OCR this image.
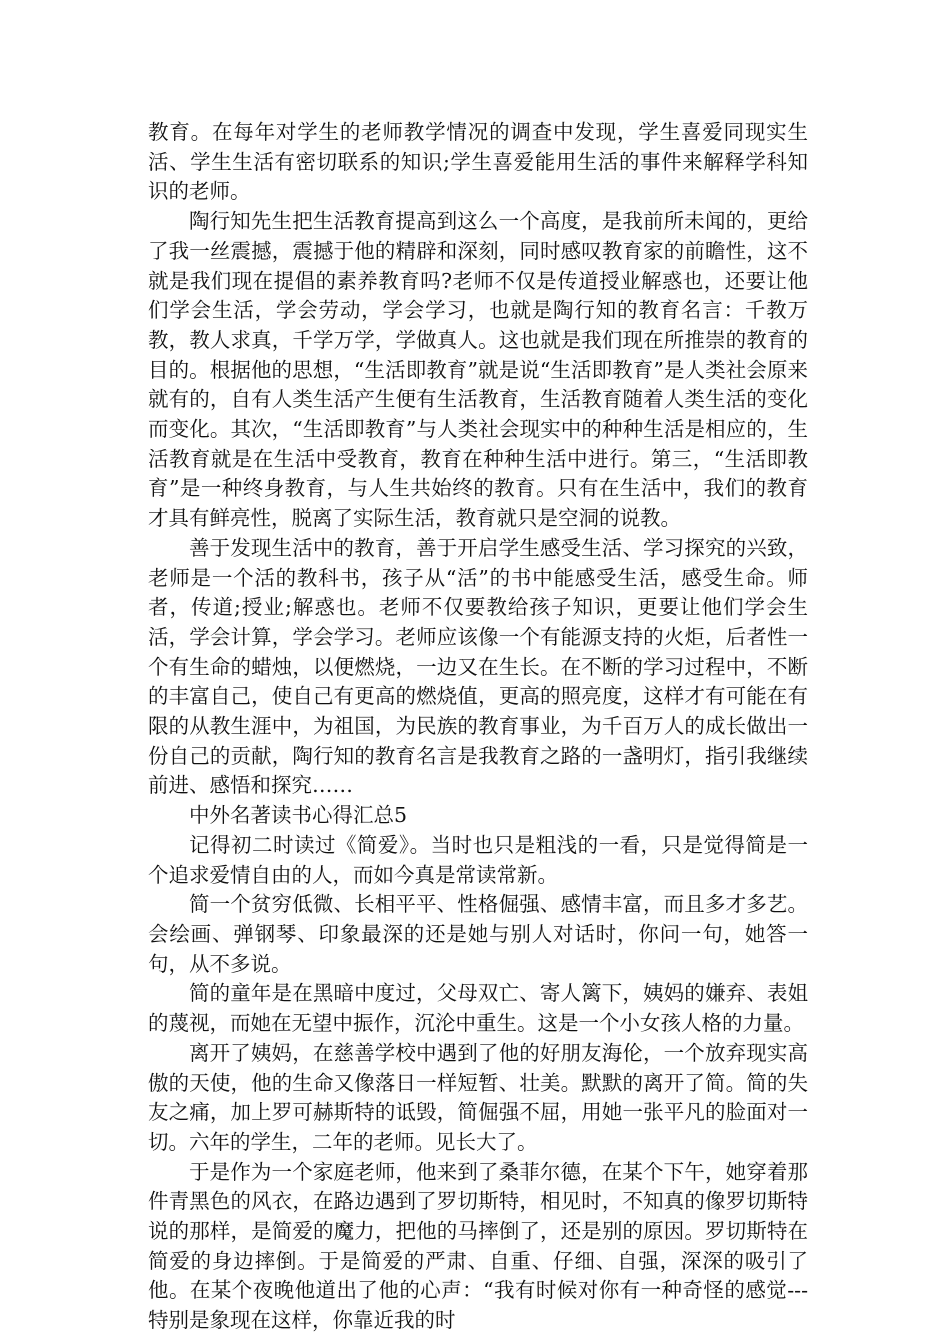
教育。在每年对学生的老师教学情况的调查中发现，学生喜爱同现实生活、学生生活有密切联系的知识;学生喜爱能用生活的事件来解释学科知识的老师。

陶行知先生把生活教育提高到这么一个高度，是我前所未闻的，更给了我一丝震撼，震撼于他的精辟和深刻，同时感叹教育家的前瞻性，这不就是我们现在提倡的素养教育吗?老师不仅是传道授业解惑也，还要让他们学会生活，学会劳动，学会学习，也就是陶行知的教育名言：千教万教，教人求真，千学万学，学做真人。这也就是我们现在所推崇的教育的目的。根据他的思想，“生活即教育”就是说“生活即教育”是人类社会原来就有的，自有人类生活产生便有生活教育，生活教育随着人类生活的变化而变化。其次，“生活即教育”与人类社会现实中的种种生活是相应的，生活教育就是在生活中受教育，教育在种种生活中进行。第三，“生活即教育”是一种终身教育，与人生共始终的教育。只有在生活中，我们的教育才具有鲜亮性，脱离了实际生活，教育就只是空洞的说教。

善于发现生活中的教育，善于开启学生感受生活、学习探究的兴致，老师是一个活的教科书，孩子从“活”的书中能感受生活，感受生命。师者，传道;授业;解惑也。老师不仅要教给孩子知识，更要让他们学会生活，学会计算，学会学习。老师应该像一个有能源支持的火炬，后者性一个有生命的蜡烛，以便燃烧，一边又在生长。在不断的学习过程中，不断的丰富自己，使自己有更高的燃烧值，更高的照亮度，这样才有可能在有限的从教生涯中，为祖国，为民族的教育事业，为千百万人的成长做出一份自己的贡献，陶行知的教育名言是我教育之路的一盏明灯，指引我继续前进、感悟和探究……

中外名著读书心得汇总5

记得初二时读过《简爱》。当时也只是粗浅的一看，只是觉得简是一个追求爱情自由的人，而如今真是常读常新。

简一个贫穷低微、长相平平、性格倔强、感情丰富，而且多才多艺。会绘画、弹钢琴、印象最深的还是她与别人对话时，你问一句，她答一句，从不多说。

简的童年是在黑暗中度过，父母双亡、寄人篱下，姨妈的嫌弃、表姐的蔑视，而她在无望中振作，沉沦中重生。这是一个小女孩人格的力量。

离开了姨妈，在慈善学校中遇到了他的好朋友海伦，一个放弃现实高傲的天使，他的生命又像落日一样短暂、壮美。默默的离开了简。简的失友之痛，加上罗可赫斯特的诋毁，简倔强不屈，用她一张平凡的脸面对一切。六年的学生，二年的老师。见长大了。

于是作为一个家庭老师，他来到了桑菲尔德，在某个下午，她穿着那件青黑色的风衣，在路边遇到了罗切斯特，相见时，不知真的像罗切斯特说的那样，是简爱的魔力，把他的马摔倒了，还是别的原因。罗切斯特在简爱的身边摔倒。于是简爱的严肃、自重、仔细、自强，深深的吸引了他。在某个夜晚他道出了他的心声：“我有时候对你有一种奇怪的感觉---特别是象现在这样，你靠近我的时
